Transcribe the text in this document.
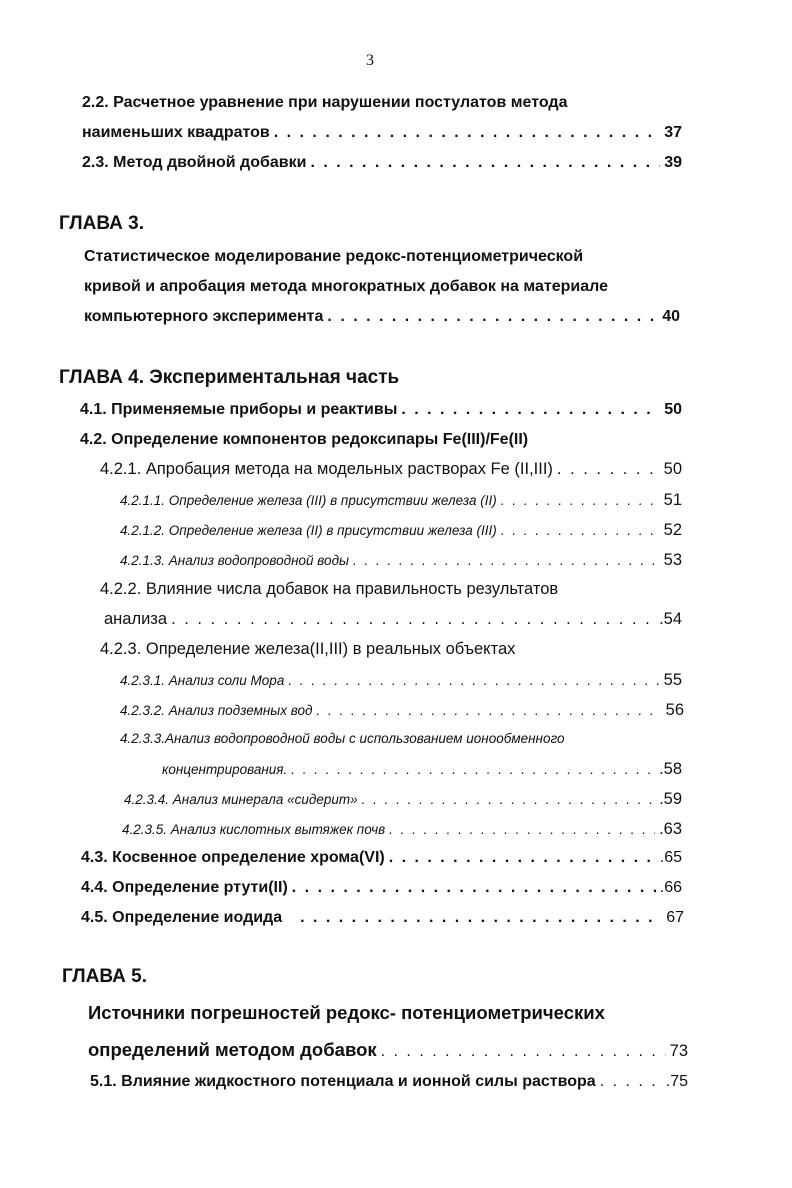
3
2.2. Расчетное уравнение при нарушении постулатов метода
наименьших квадратов . . .	37
2.3. Метод двойной добавки . . .	39
ГЛАВА 3.
Статистическое моделирование редокс-потенциометрической
кривой и апробация метода многократных добавок на материале
компьютерного эксперимента . . .	40
ГЛАВА 4. Экспериментальная часть
4.1. Применяемые приборы и реактивы . . .	50
4.2. Определение компонентов редоксипары Fe(III)/Fe(II)
4.2.1. Апробация метода на модельных растворах Fe (II,III) . . .	50
4.2.1.1. Определение железа (III) в присутствии железа (II) . . .	51
4.2.1.2. Определение железа (II) в присутствии железа (III) . . .	52
4.2.1.3. Анализ водопроводной воды . . .	53
4.2.2. Влияние числа добавок на правильность результатов
анализа . . .	.54
4.2.3. Определение железа(II,III) в реальных объектах
4.2.3.1. Анализ соли Мора . . .	55
4.2.3.2. Анализ подземных вод . . .	56
4.2.3.3.Анализ водопроводной воды с использованием ионообменного
концентрирования. . . .	.58
4.2.3.4. Анализ минерала «сидерит» . . .	.59
4.2.3.5. Анализ кислотных вытяжек почв . . .	.63
4.3. Косвенное определение хрома(VI) . . .	.65
4.4. Определение ртути(II) . . .	.66
4.5. Определение иодида . . .	67
ГЛАВА 5.
Источники погрешностей редокс- потенциометрических
определений методом добавок . . .	73
5.1. Влияние жидкостного потенциала и ионной силы раствора . . .	.75
